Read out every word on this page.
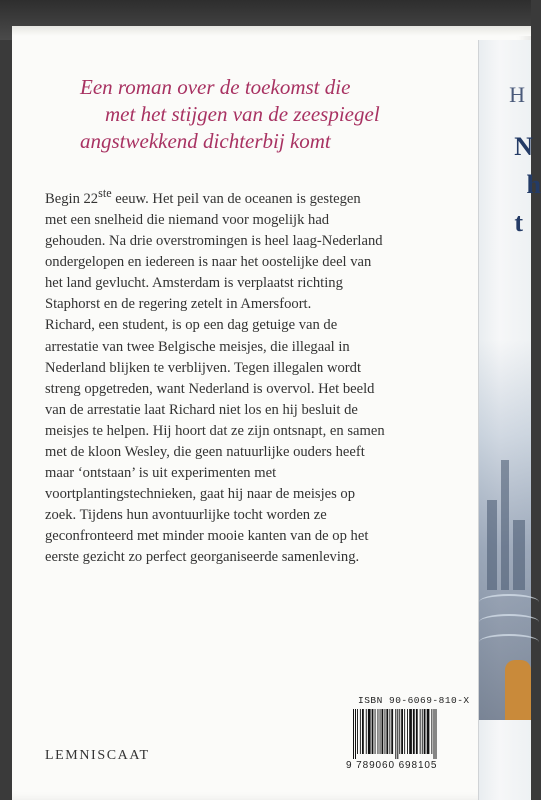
H
N
h
t
Een roman over de toekomst die
met het stijgen van de zeespiegel
angstwekkend dichterbij komt

Begin 22ste eeuw. Het peil van de oceanen is gestegen met een snelheid die niemand voor mogelijk had gehouden. Na drie overstromingen is heel laag-Nederland ondergelopen en iedereen is naar het oostelijke deel van het land gevlucht. Amsterdam is verplaatst richting Staphorst en de regering zetelt in Amersfoort.

Richard, een student, is op een dag getuige van de arrestatie van twee Belgische meisjes, die illegaal in Nederland blijken te verblijven. Tegen illegalen wordt streng opgetreden, want Nederland is overvol. Het beeld van de arrestatie laat Richard niet los en hij besluit de meisjes te helpen. Hij hoort dat ze zijn ontsnapt, en samen met de kloon Wesley, die geen natuurlijke ouders heeft maar ‘ontstaan’ is uit experimenten met voortplantingstechnieken, gaat hij naar de meisjes op zoek. Tijdens hun avontuurlijke tocht worden ze geconfronteerd met minder mooie kanten van de op het eerste gezicht zo perfect georganiseerde samenleving.

LEMNISCAAT
ISBN 90-6069-810-X
9 789060 698105
